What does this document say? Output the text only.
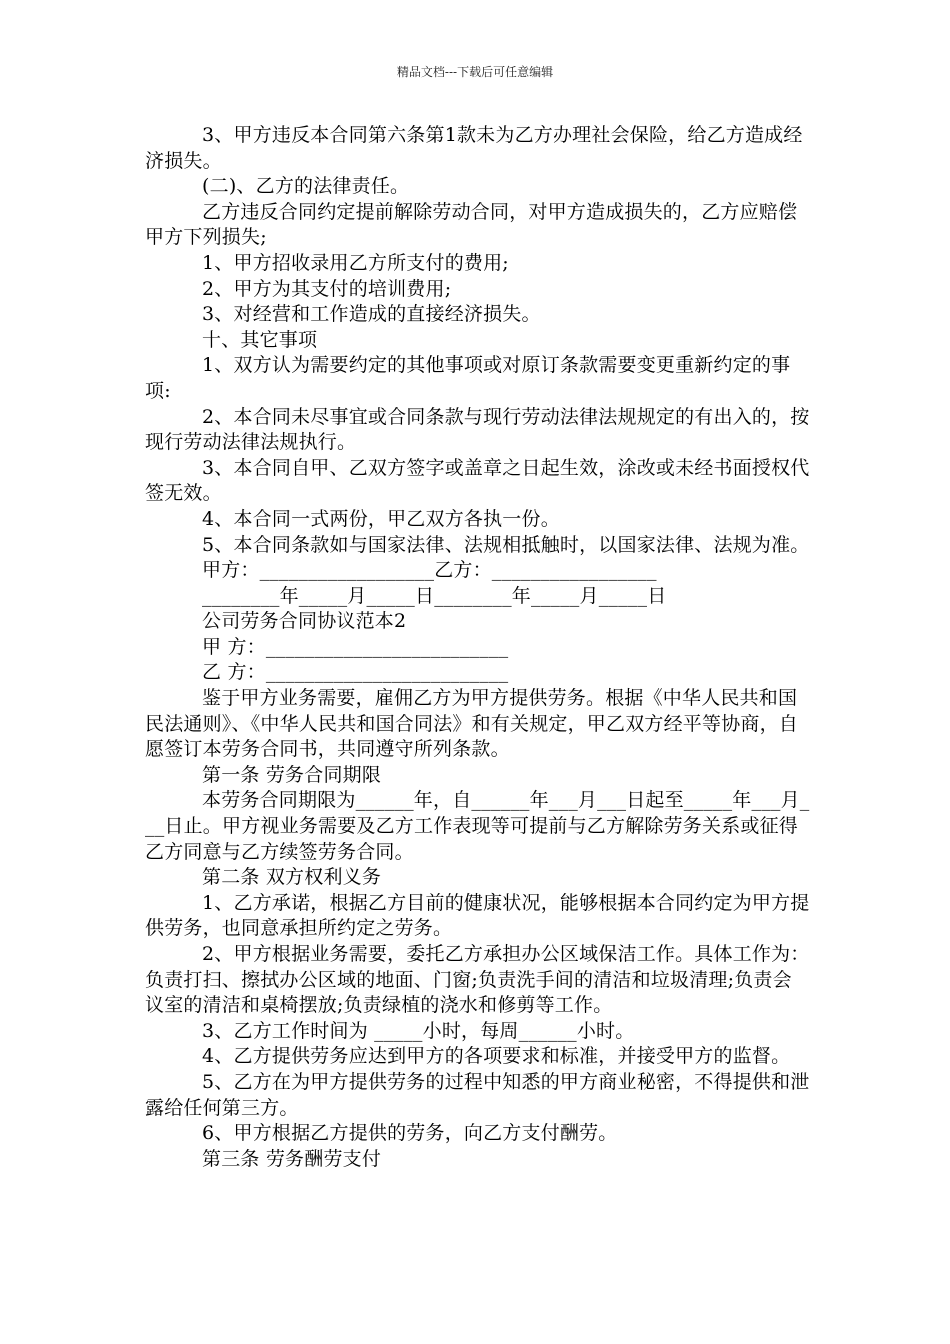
精品文档---下载后可任意编辑

3、甲方违反本合同第六条第1款未为乙方办理社会保险，给乙方造成经济损失。

(二)、乙方的法律责任。

乙方违反合同约定提前解除劳动合同，对甲方造成损失的，乙方应赔偿甲方下列损失;

1、甲方招收录用乙方所支付的费用;

2、甲方为其支付的培训费用;

3、对经营和工作造成的直接经济损失。

十、其它事项

1、双方认为需要约定的其他事项或对原订条款需要变更重新约定的事项:

2、本合同未尽事宜或合同条款与现行劳动法律法规规定的有出入的，按现行劳动法律法规执行。

3、本合同自甲、乙双方签字或盖章之日起生效，涂改或未经书面授权代签无效。

4、本合同一式两份，甲乙双方各执一份。

5、本合同条款如与国家法律、法规相抵触时，以国家法律、法规为准。

甲方：__________________乙方：_________________

________年_____月_____日________年_____月_____日

公司劳务合同协议范本2

甲 方：_________________________

乙 方：_________________________

鉴于甲方业务需要，雇佣乙方为甲方提供劳务。根据《中华人民共和国民法通则》、《中华人民共和国合同法》和有关规定，甲乙双方经平等协商，自愿签订本劳务合同书，共同遵守所列条款。

第一条 劳务合同期限

本劳务合同期限为______年，自______年___月___日起至_____年___月___日止。甲方视业务需要及乙方工作表现等可提前与乙方解除劳务关系或征得乙方同意与乙方续签劳务合同。

第二条 双方权利义务

1、乙方承诺，根据乙方目前的健康状况，能够根据本合同约定为甲方提供劳务，也同意承担所约定之劳务。

2、甲方根据业务需要，委托乙方承担办公区域保洁工作。具体工作为：负责打扫、擦拭办公区域的地面、门窗;负责洗手间的清洁和垃圾清理;负责会议室的清洁和桌椅摆放;负责绿植的浇水和修剪等工作。

3、乙方工作时间为 _____小时，每周______小时。

4、乙方提供劳务应达到甲方的各项要求和标准，并接受甲方的监督。

5、乙方在为甲方提供劳务的过程中知悉的甲方商业秘密，不得提供和泄露给任何第三方。

6、甲方根据乙方提供的劳务，向乙方支付酬劳。

第三条 劳务酬劳支付
